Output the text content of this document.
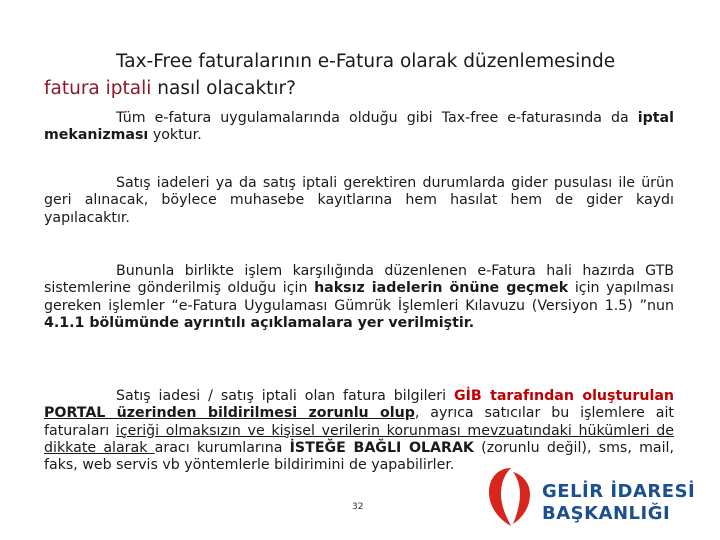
Tax-Free faturalarının e-Fatura olarak düzenlemesinde fatura iptali nasıl olacaktır?
Tüm e-fatura uygulamalarında olduğu gibi Tax-free e-faturasında da iptal mekanizması yoktur.
Satış iadeleri ya da satış iptali gerektiren durumlarda gider pusulası ile ürün geri alınacak, böylece muhasebe kayıtlarına hem hasılat hem de gider kaydı yapılacaktır.
Bununla birlikte işlem karşılığında düzenlenen e-Fatura hali hazırda GTB sistemlerine gönderilmiş olduğu için haksız iadelerin önüne geçmek için yapılması gereken işlemler “e-Fatura Uygulaması Gümrük İşlemleri Kılavuzu (Versiyon 1.5) ”nun 4.1.1 bölümünde ayrıntılı açıklamalara yer verilmiştir.
Satış iadesi / satış iptali olan fatura bilgileri GİB tarafından oluşturulan PORTAL üzerinden bildirilmesi zorunlu olup, ayrıca satıcılar bu işlemlere ait faturaları içeriği olmaksızın ve kişisel verilerin korunması mevzuatındaki hükümleri de dikkate alarak aracı kurumlarına İSTEĞE BAĞLI OLARAK (zorunlu değil), sms, mail, faks, web servis vb yöntemlerle bildirimini de yapabilirler.
32
GELİR İDARESİ
BAŞKANLIĞI
